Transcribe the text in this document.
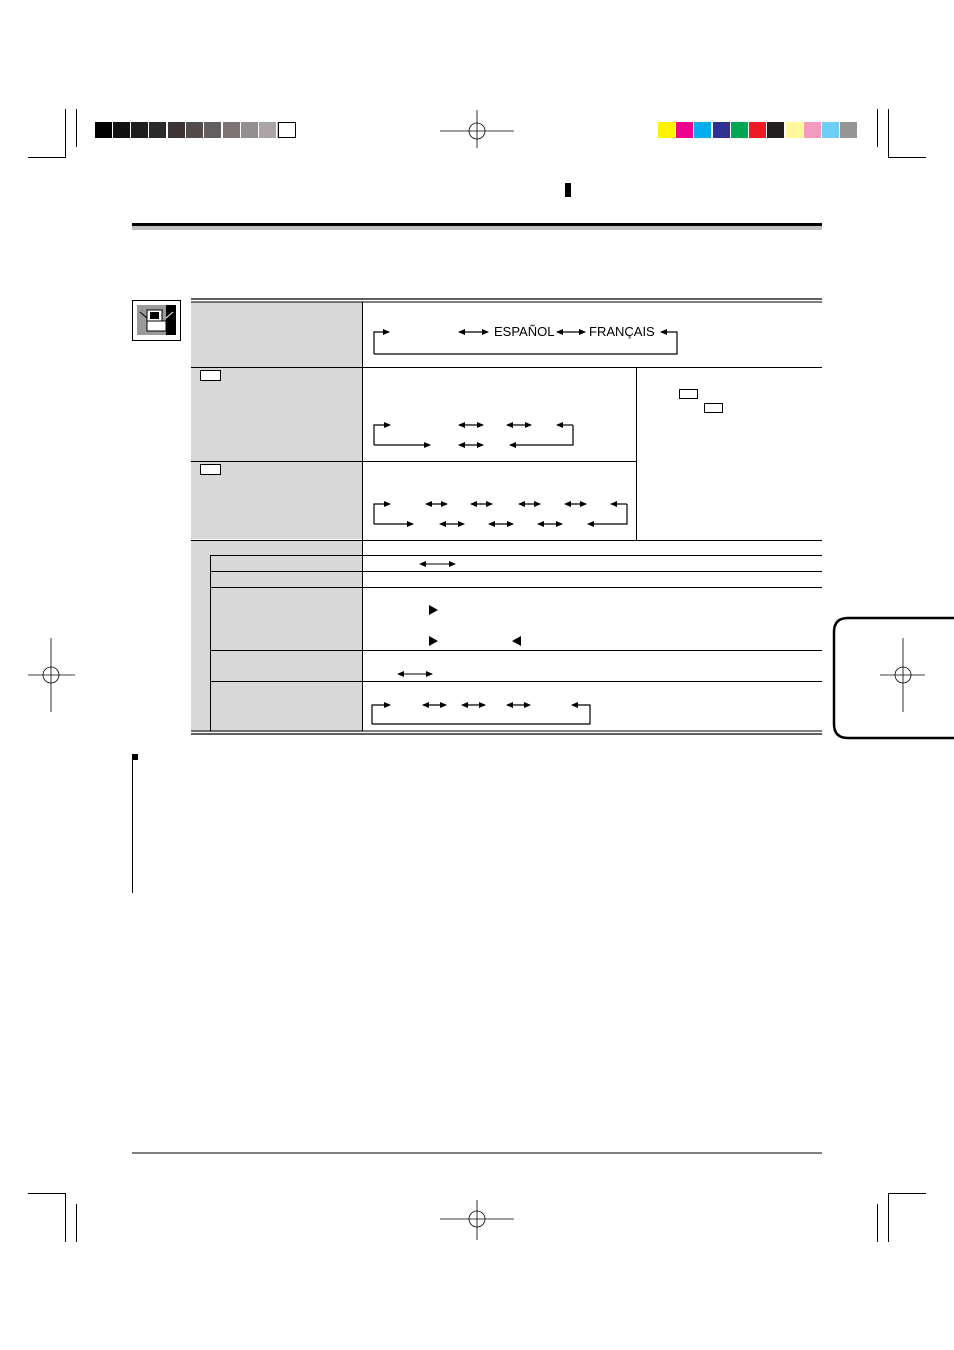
ESPAÑOL	FRANÇAIS
